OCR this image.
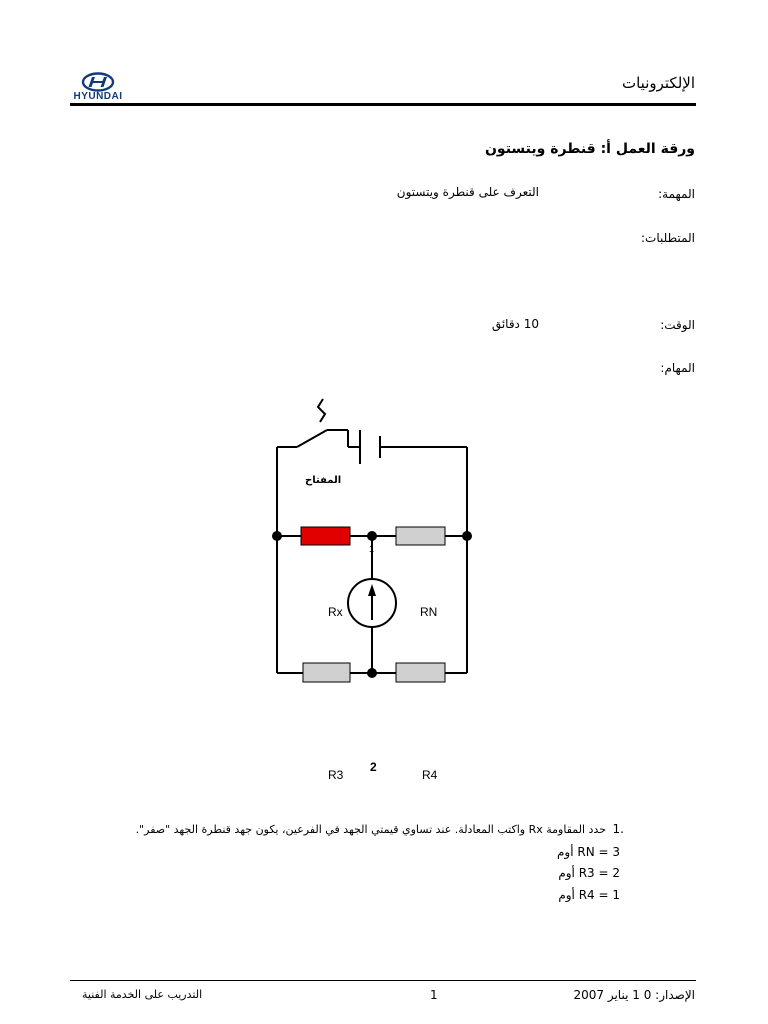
HYUNDAI
الإلكترونيات
ورقة العمل أ: قنطرة ويتستون
المهمة:
التعرف على قنطرة ويتستون
المتطلبات:
الوقت:
10 دقائق
المهام:
المفتاح
1
Rx	RN
2
R3	R4
1.
حدد المقاومة Rx واكتب المعادلة. عند تساوي قيمتي الجهد في الفرعين، يكون جهد قنطرة الجهد "صفر".
RN = 3 أوم
R3 = 2 أوم
R4 = 1 أوم
التدريب على الخدمة الفنية	1	الإصدار: 0 1 يناير 2007
